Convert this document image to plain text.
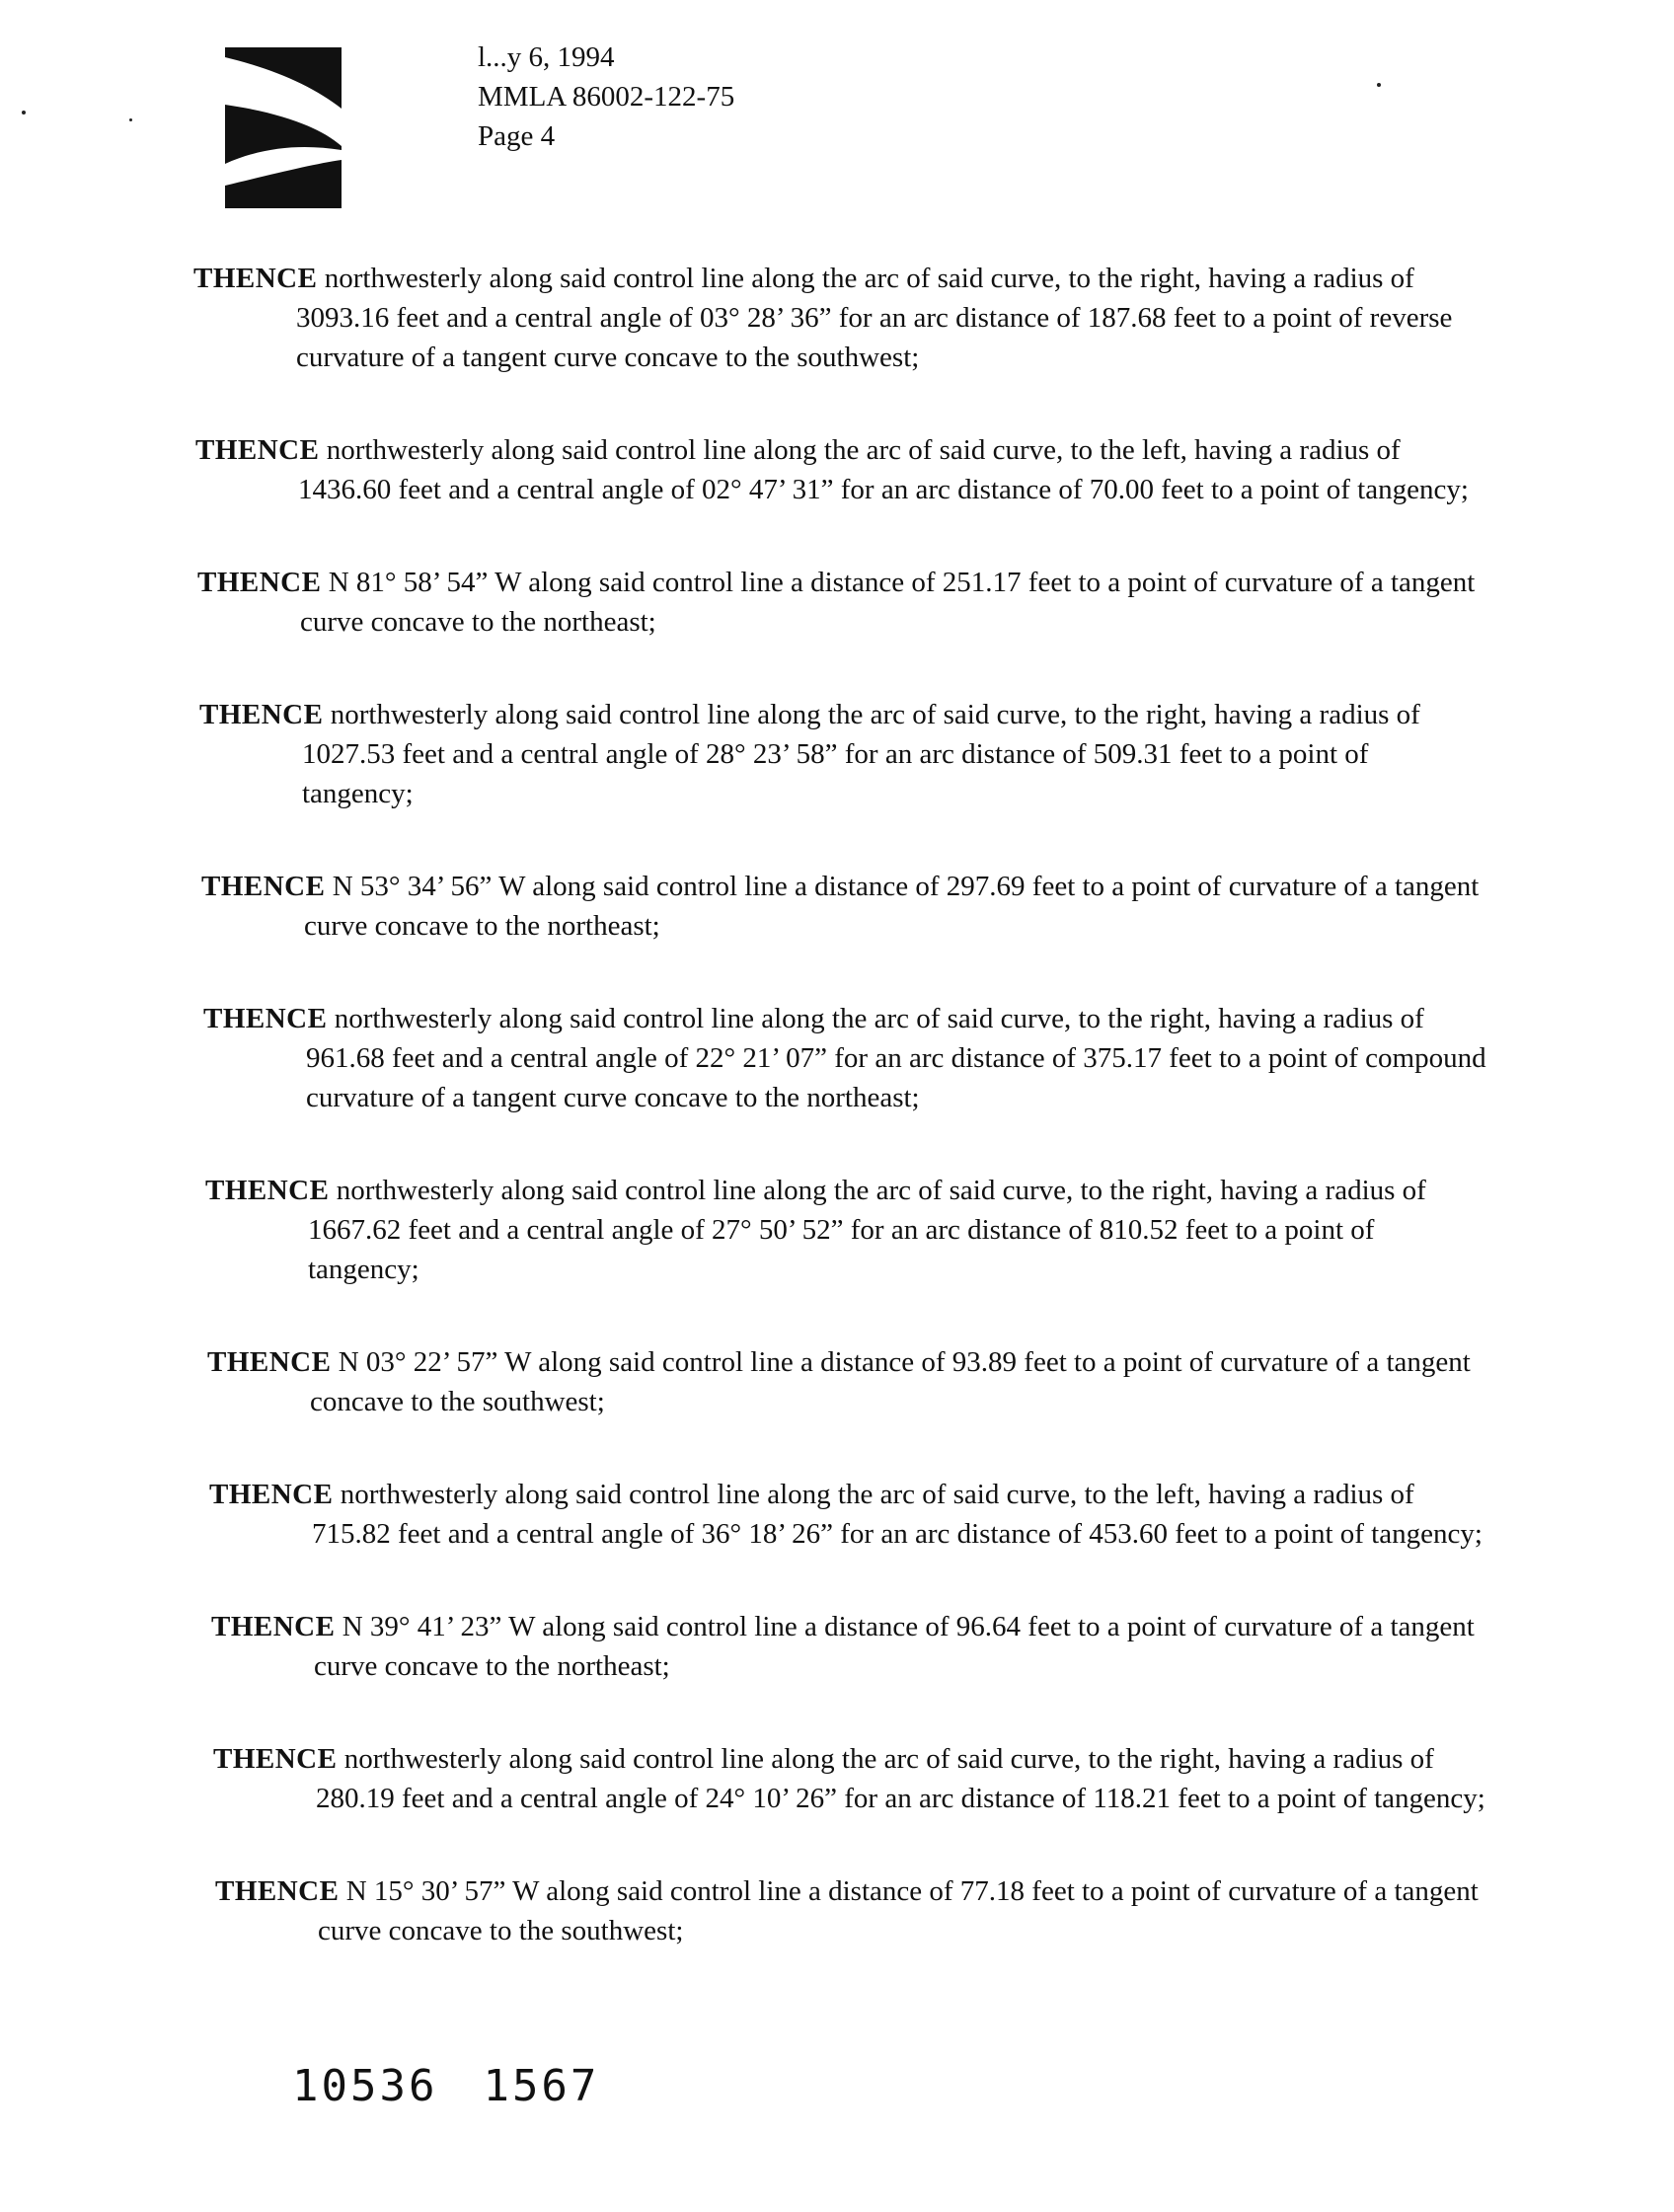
l...y 6, 1994
MMLA 86002-122-75
Page 4
THENCE northwesterly along said control line along the arc of said curve, to the right, having a radius of 3093.16 feet and a central angle of 03° 28’ 36” for an arc distance of 187.68 feet to a point of reverse curvature of a tangent curve concave to the southwest;
THENCE northwesterly along said control line along the arc of said curve, to the left, having a radius of 1436.60 feet and a central angle of 02° 47’ 31” for an arc distance of 70.00 feet to a point of tangency;
THENCE N 81° 58’ 54” W along said control line a distance of 251.17 feet to a point of curvature of a tangent curve concave to the northeast;
THENCE northwesterly along said control line along the arc of said curve, to the right, having a radius of 1027.53 feet and a central angle of 28° 23’ 58” for an arc distance of 509.31 feet to a point of tangency;
THENCE N 53° 34’ 56” W along said control line a distance of 297.69 feet to a point of curvature of a tangent curve concave to the northeast;
THENCE northwesterly along said control line along the arc of said curve, to the right, having a radius of 961.68 feet and a central angle of 22° 21’ 07” for an arc distance of 375.17 feet to a point of compound curvature of a tangent curve concave to the northeast;
THENCE northwesterly along said control line along the arc of said curve, to the right, having a radius of 1667.62 feet and a central angle of 27° 50’ 52” for an arc distance of 810.52 feet to a point of tangency;
THENCE N 03° 22’ 57” W along said control line a distance of 93.89 feet to a point of curvature of a tangent concave to the southwest;
THENCE northwesterly along said control line along the arc of said curve, to the left, having a radius of 715.82 feet and a central angle of 36° 18’ 26” for an arc distance of 453.60 feet to a point of tangency;
THENCE N 39° 41’ 23” W along said control line a distance of 96.64 feet to a point of curvature of a tangent curve concave to the northeast;
THENCE northwesterly along said control line along the arc of said curve, to the right, having a radius of 280.19 feet and a central angle of 24° 10’ 26” for an arc distance of 118.21 feet to a point of tangency;
THENCE N 15° 30’ 57” W along said control line a distance of 77.18 feet to a point of curvature of a tangent curve concave to the southwest;
10536 1567
